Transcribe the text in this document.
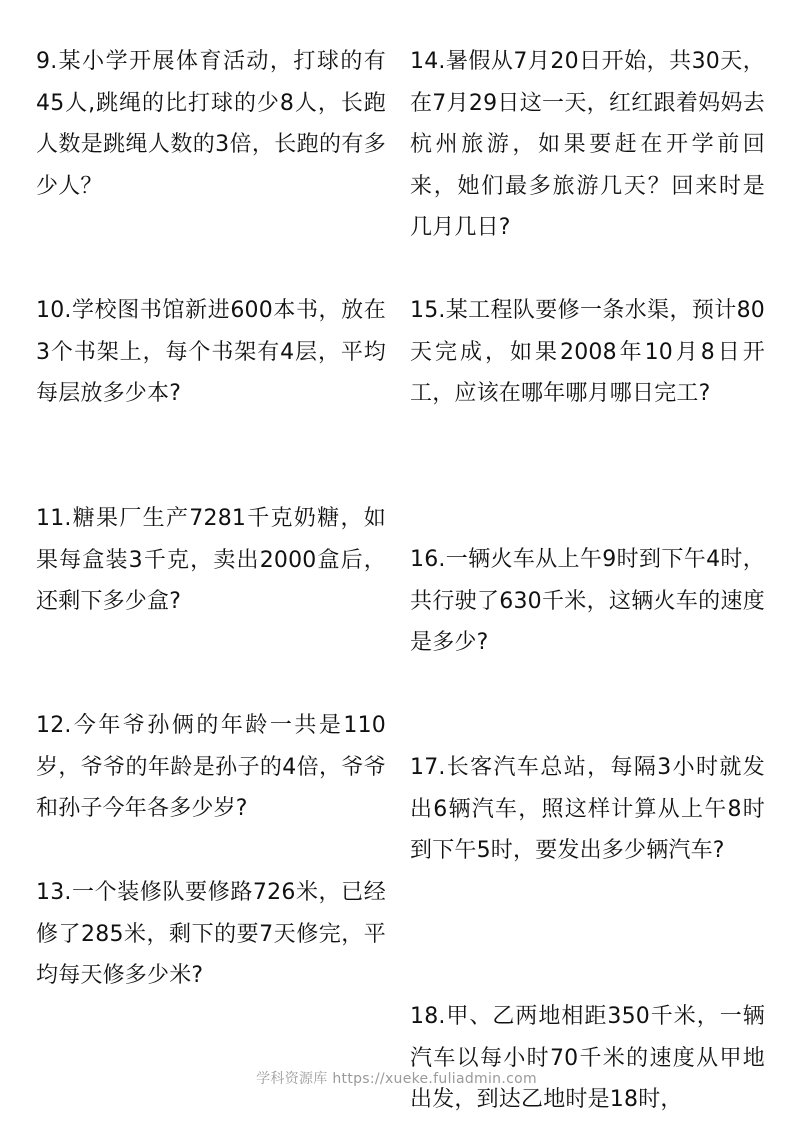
9.某小学开展体育活动，打球的有45人,跳绳的比打球的少8人，长跑人数是跳绳人数的3倍，长跑的有多少人？

10.学校图书馆新进600本书，放在3个书架上，每个书架有4层，平均每层放多少本?

11.糖果厂生产7281千克奶糖，如果每盒装3千克，卖出2000盒后，还剩下多少盒?

12.今年爷孙俩的年龄一共是110岁，爷爷的年龄是孙子的4倍，爷爷和孙子今年各多少岁?

13.一个装修队要修路726米，已经修了285米，剩下的要7天修完，平均每天修多少米?

14.暑假从7月20日开始，共30天，在7月29日这一天，红红跟着妈妈去杭州旅游，如果要赶在开学前回来，她们最多旅游几天？回来时是几月几日?

15.某工程队要修一条水渠，预计80天完成，如果2008年10月8日开工，应该在哪年哪月哪日完工?

16.一辆火车从上午9时到下午4时，共行驶了630千米，这辆火车的速度是多少?

17.长客汽车总站，每隔3小时就发出6辆汽车，照这样计算从上午8时到下午5时，要发出多少辆汽车?

18.甲、乙两地相距350千米，一辆汽车以每小时70千米的速度从甲地出发，到达乙地时是18时，

学科资源库 https://xueke.fuliadmin.com
